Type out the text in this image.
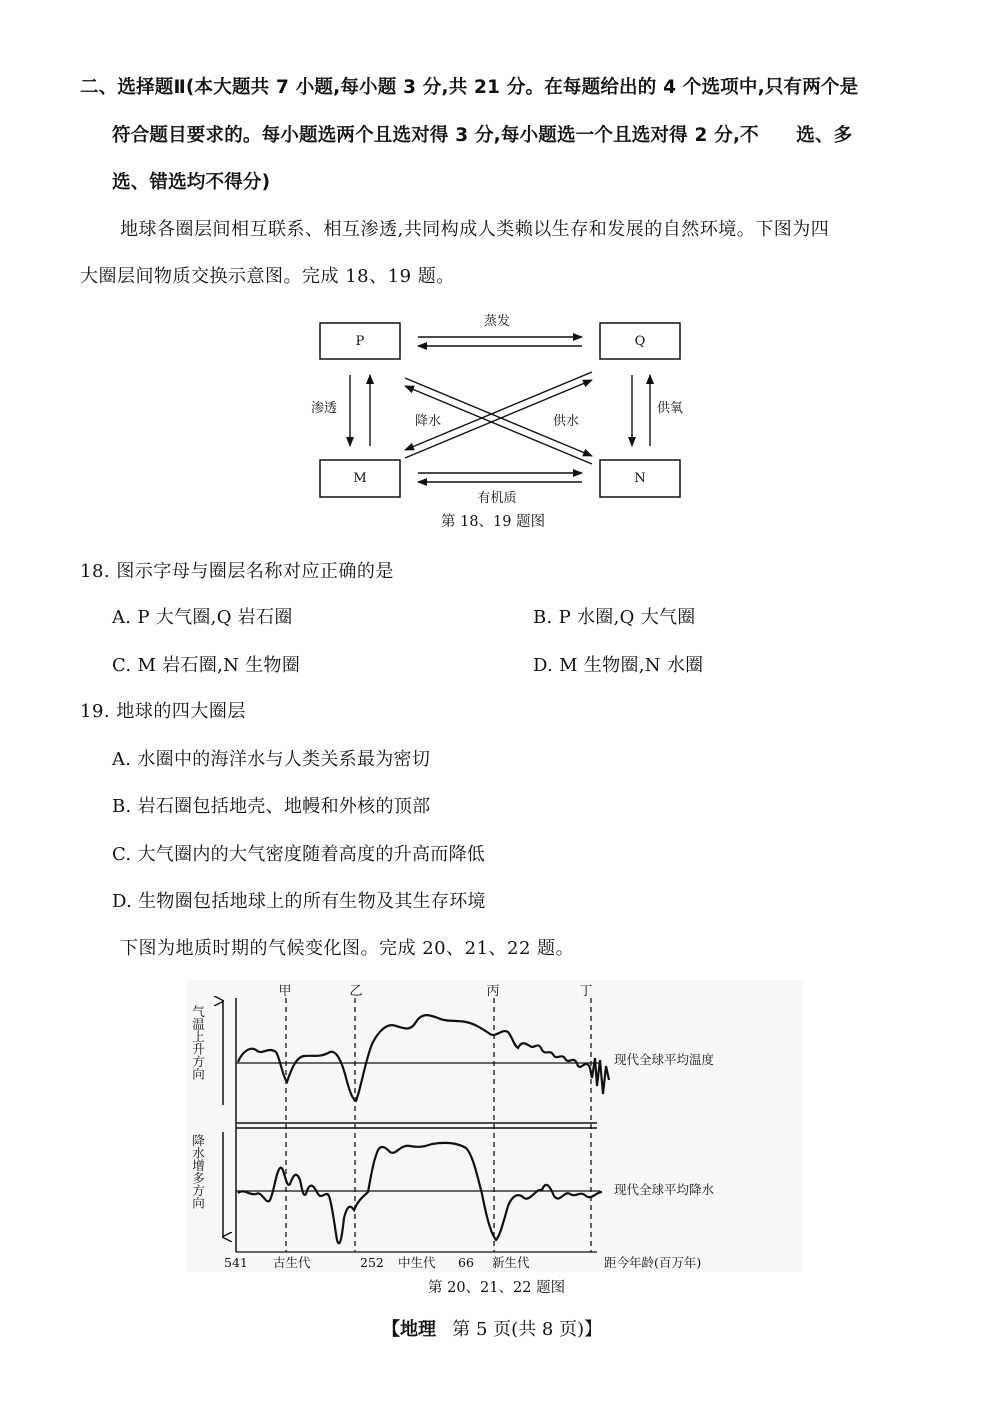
二、选择题Ⅱ(本大题共 7 小题,每小题 3 分,共 21 分。在每题给出的 4 个选项中,只有两个是
符合题目要求的。每小题选两个且选对得 3 分,每小题选一个且选对得 2 分,不　　选、多
选、错选均不得分)
地球各圈层间相互联系、相互渗透,共同构成人类赖以生存和发展的自然环境。下图为四
大圈层间物质交换示意图。完成 18、19 题。
P	Q
M	N
蒸发
有机质
渗透	供氧
降水	供水
第 18、19 题图
18. 图示字母与圈层名称对应正确的是
A. P 大气圈,Q 岩石圈	B. P 水圈,Q 大气圈
C. M 岩石圈,N 生物圈	D. M 生物圈,N 水圈
19. 地球的四大圈层
A. 水圈中的海洋水与人类关系最为密切
B. 岩石圈包括地壳、地幔和外核的顶部
C. 大气圈内的大气密度随着高度的升高而降低
D. 生物圈包括地球上的所有生物及其生存环境
下图为地质时期的气候变化图。完成 20、21、22 题。
气温上升方向
降水增多方向
现代全球平均温度
现代全球平均降水
甲	乙	丙	丁
541 古生代	252 中生代 66 新生代	距今年龄(百万年)
第 20、21、22 题图
【地理 第 5 页(共 8 页)】
